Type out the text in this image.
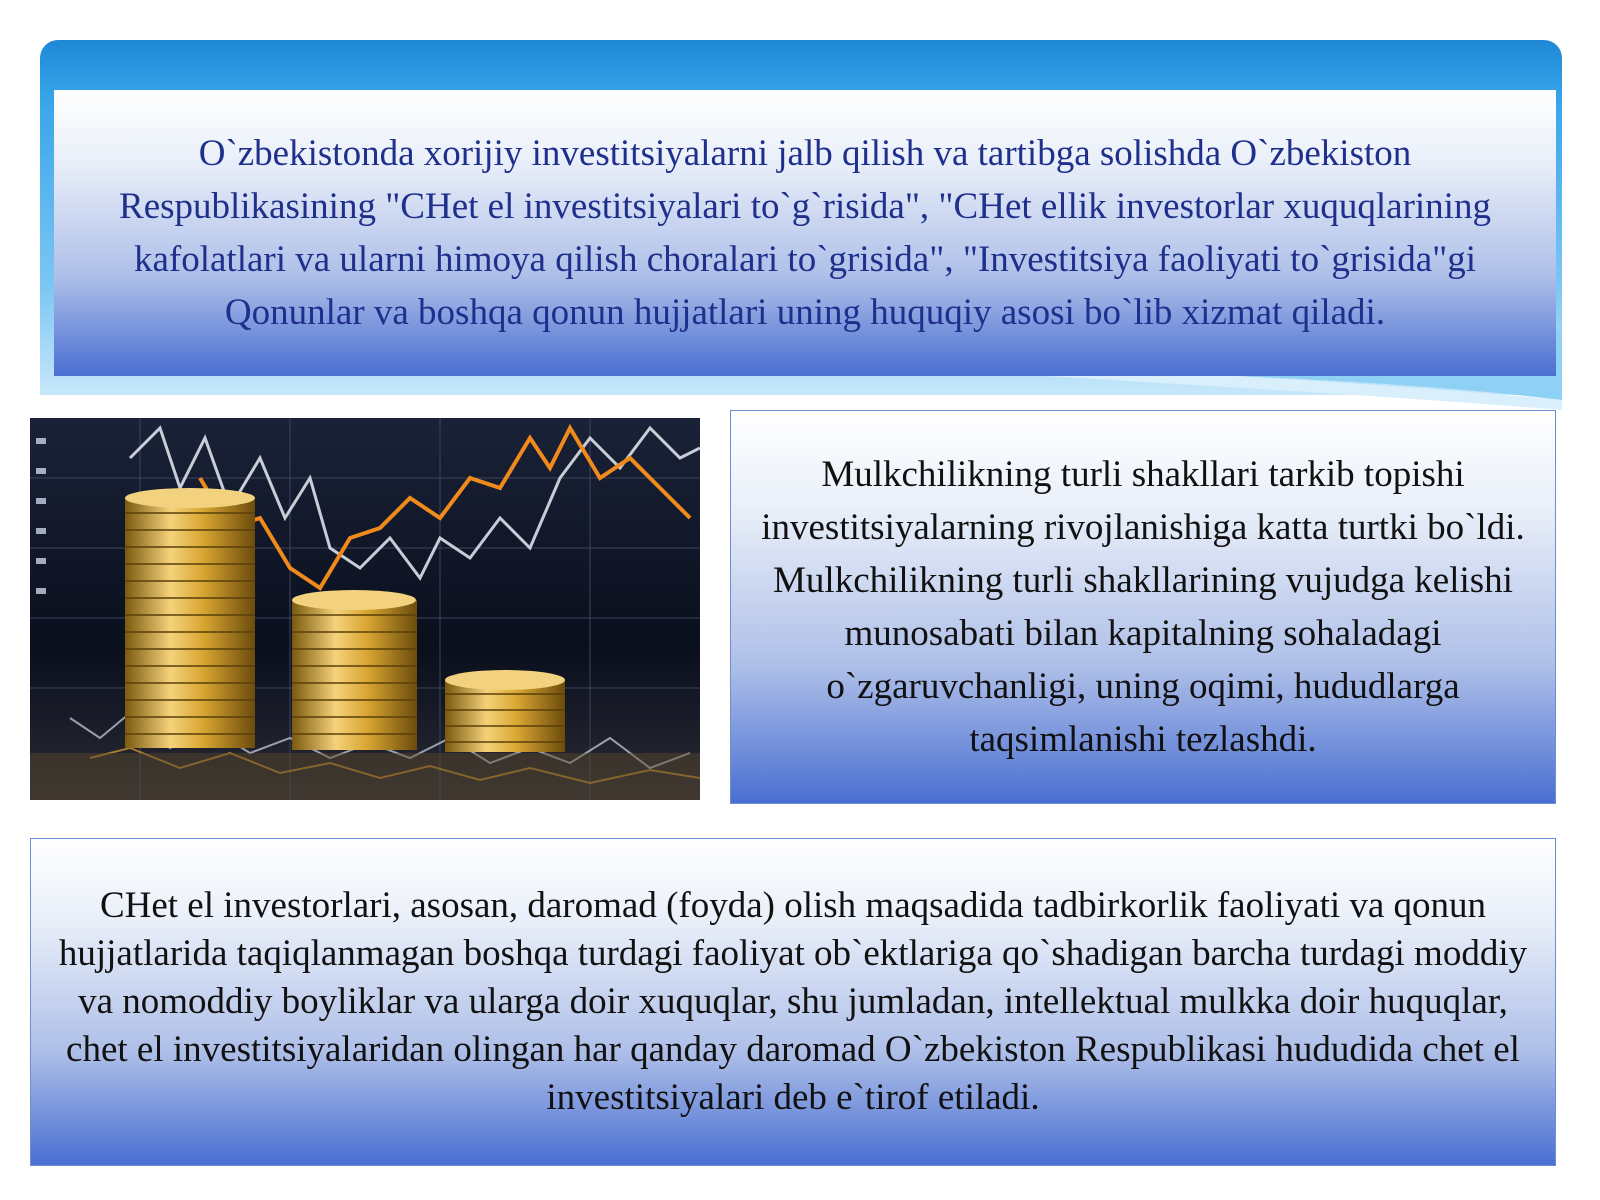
O`zbekistonda xorijiy investitsiyalarni jalb qilish va tartibga solishda O`zbekiston Respublikasining "CHet el investitsiyalari to`g`risida", "CHet ellik investorlar xuquqlarining kafolatlari va ularni himoya qilish choralari to`grisida", "Investitsiya faoliyati to`grisida"gi Qonunlar va boshqa qonun hujjatlari uning huquqiy asosi bo`lib xizmat qiladi.

Mulkchilikning turli shakllari tarkib topishi investitsiyalarning rivojlanishiga katta turtki bo`ldi. Mulkchilikning turli shakllarining vujudga kelishi munosabati bilan kapitalning sohaladagi o`zgaruvchanligi, uning oqimi, hududlarga taqsimlanishi tezlashdi.

CHet el investorlari, asosan, daromad (foyda) olish maqsadida tadbirkorlik faoliyati va qonun hujjatlarida taqiqlanmagan boshqa turdagi faoliyat ob`ektlariga qo`shadigan barcha turdagi moddiy va nomoddiy boyliklar va ularga doir xuquqlar, shu jumladan, intellektual mulkka doir huquqlar, chet el investitsiyalaridan olingan har qanday daromad O`zbekiston Respublikasi hududida chet el investitsiyalari deb e`tirof etiladi.
